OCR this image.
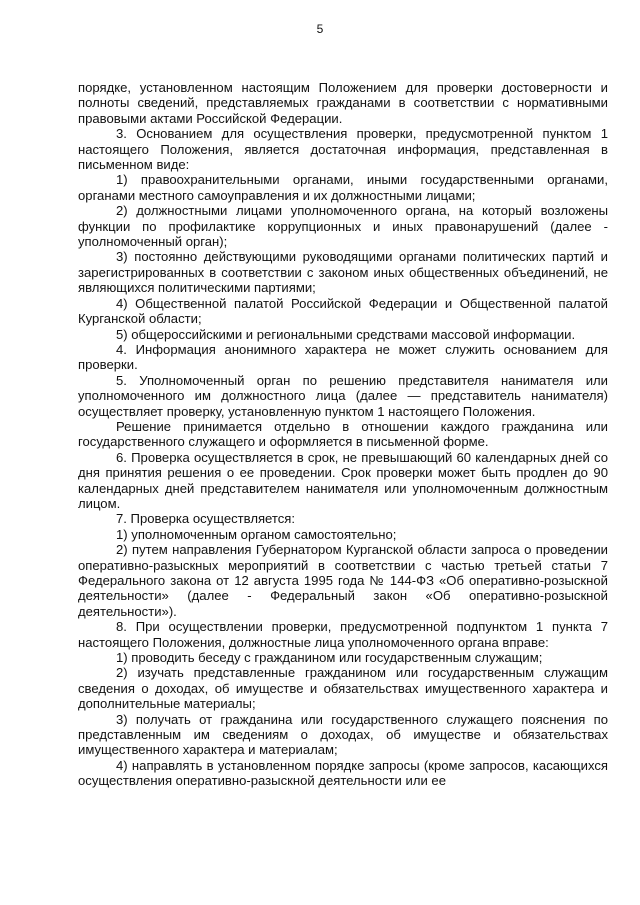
5

порядке, установленном настоящим Положением для проверки достоверности и полноты сведений, представляемых гражданами в соответствии с нормативными правовыми актами Российской Федерации.

3. Основанием для осуществления проверки, предусмотренной пунктом 1 настоящего Положения, является достаточная информация, представленная в письменном виде:

1) правоохранительными органами, иными государственными органами, органами местного самоуправления и их должностными лицами;

2) должностными лицами уполномоченного органа, на который возложены функции по профилактике коррупционных и иных правонарушений (далее - уполномоченный орган);

3) постоянно действующими руководящими органами политических партий и зарегистрированных в соответствии с законом иных общественных объединений, не являющихся политическими партиями;

4) Общественной палатой Российской Федерации и Общественной палатой Курганской области;

5) общероссийскими и региональными средствами массовой информации.

4. Информация анонимного характера не может служить основанием для проверки.

5. Уполномоченный орган по решению представителя нанимателя или уполномоченного им должностного лица (далее — представитель нанимателя) осуществляет проверку, установленную пунктом 1 настоящего Положения.

Решение принимается отдельно в отношении каждого гражданина или государственного служащего и оформляется в письменной форме.

6. Проверка осуществляется в срок, не превышающий 60 календарных дней со дня принятия решения о ее проведении. Срок проверки может быть продлен до 90 календарных дней представителем нанимателя или уполномоченным должностным лицом.

7. Проверка осуществляется:

1) уполномоченным органом самостоятельно;

2) путем направления Губернатором Курганской области запроса о проведении оперативно-разыскных мероприятий в соответствии с частью третьей статьи 7 Федерального закона от 12 августа 1995 года № 144-ФЗ «Об оперативно-розыскной деятельности» (далее - Федеральный закон «Об оперативно-розыскной деятельности»).

8. При осуществлении проверки, предусмотренной подпунктом 1 пункта 7 настоящего Положения, должностные лица уполномоченного органа вправе:

1) проводить беседу с гражданином или государственным служащим;

2) изучать представленные гражданином или государственным служащим сведения о доходах, об имуществе и обязательствах имущественного характера и дополнительные материалы;

3) получать от гражданина или государственного служащего пояснения по представленным им сведениям о доходах, об имуществе и обязательствах имущественного характера и материалам;

4) направлять в установленном порядке запросы (кроме запросов, касающихся осуществления оперативно-разыскной деятельности или ее
